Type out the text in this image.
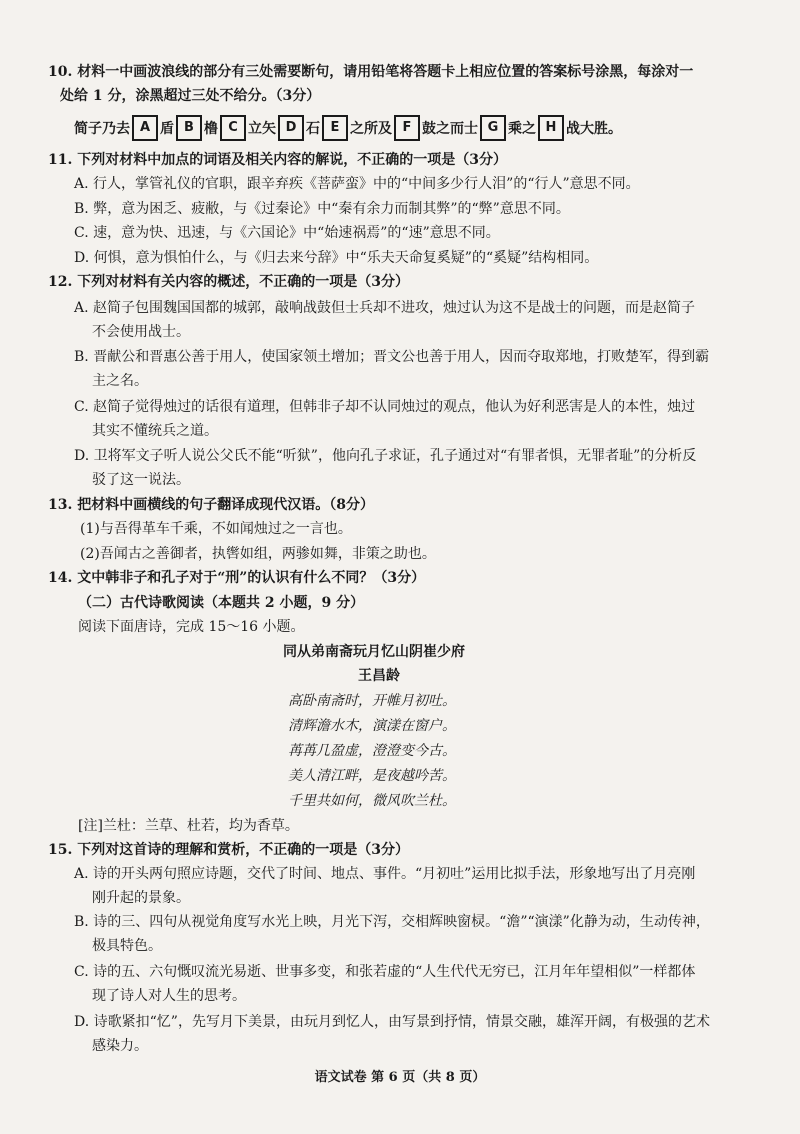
10. 材料一中画波浪线的部分有三处需要断句，请用铅笔将答题卡上相应位置的答案标号涂黑，每涂对一
处给 1 分，涂黑超过三处不给分。（3分）
简子乃去 A 盾 B 橹 C 立矢 D 石 E 之所及 F 鼓之而士 G 乘之 H 战大胜。
11. 下列对材料中加点的词语及相关内容的解说，不正确的一项是（3分）
A. 行人，掌管礼仪的官职，跟辛弃疾《菩萨蛮》中的“中间多少行人泪”的“行人”意思不同。
B. 弊，意为困乏、疲敝，与《过秦论》中“秦有余力而制其弊”的“弊”意思不同。
C. 速，意为快、迅速，与《六国论》中“始速祸焉”的“速”意思不同。
D. 何惧，意为惧怕什么，与《归去来兮辞》中“乐夫天命复奚疑”的“奚疑”结构相同。
12. 下列对材料有关内容的概述，不正确的一项是（3分）
A. 赵简子包围魏国国都的城郭，敲响战鼓但士兵却不进攻，烛过认为这不是战士的问题，而是赵简子
不会使用战士。
B. 晋献公和晋惠公善于用人，使国家领土增加；晋文公也善于用人，因而夺取郑地，打败楚军，得到霸
主之名。
C. 赵简子觉得烛过的话很有道理，但韩非子却不认同烛过的观点，他认为好利恶害是人的本性，烛过
其实不懂统兵之道。
D. 卫将军文子听人说公父氏不能“听狱”，他向孔子求证，孔子通过对“有罪者惧，无罪者耻”的分析反
驳了这一说法。
13. 把材料中画横线的句子翻译成现代汉语。（8分）
(1)与吾得革车千乘，不如闻烛过之一言也。
(2)吾闻古之善御者，执辔如组，两骖如舞，非策之助也。
14. 文中韩非子和孔子对于“刑”的认识有什么不同？（3分）
（二）古代诗歌阅读（本题共 2 小题，9 分）
阅读下面唐诗，完成 15～16 小题。
同从弟南斋玩月忆山阴崔少府
王昌龄
高卧南斋时，开帷月初吐。
清辉澹水木，演漾在窗户。
苒苒几盈虚，澄澄变今古。
美人清江畔，是夜越吟苦。
千里共如何，微风吹兰杜。
[注]兰杜：兰草、杜若，均为香草。
15. 下列对这首诗的理解和赏析，不正确的一项是（3分）
A. 诗的开头两句照应诗题，交代了时间、地点、事件。“月初吐”运用比拟手法，形象地写出了月亮刚
刚升起的景象。
B. 诗的三、四句从视觉角度写水光上映，月光下泻，交相辉映窗棂。“澹”“演漾”化静为动，生动传神，
极具特色。
C. 诗的五、六句慨叹流光易逝、世事多变，和张若虚的“人生代代无穷已，江月年年望相似”一样都体
现了诗人对人生的思考。
D. 诗歌紧扣“忆”，先写月下美景，由玩月到忆人，由写景到抒情，情景交融，雄浑开阔，有极强的艺术
感染力。
语文试卷 第 6 页（共 8 页）
